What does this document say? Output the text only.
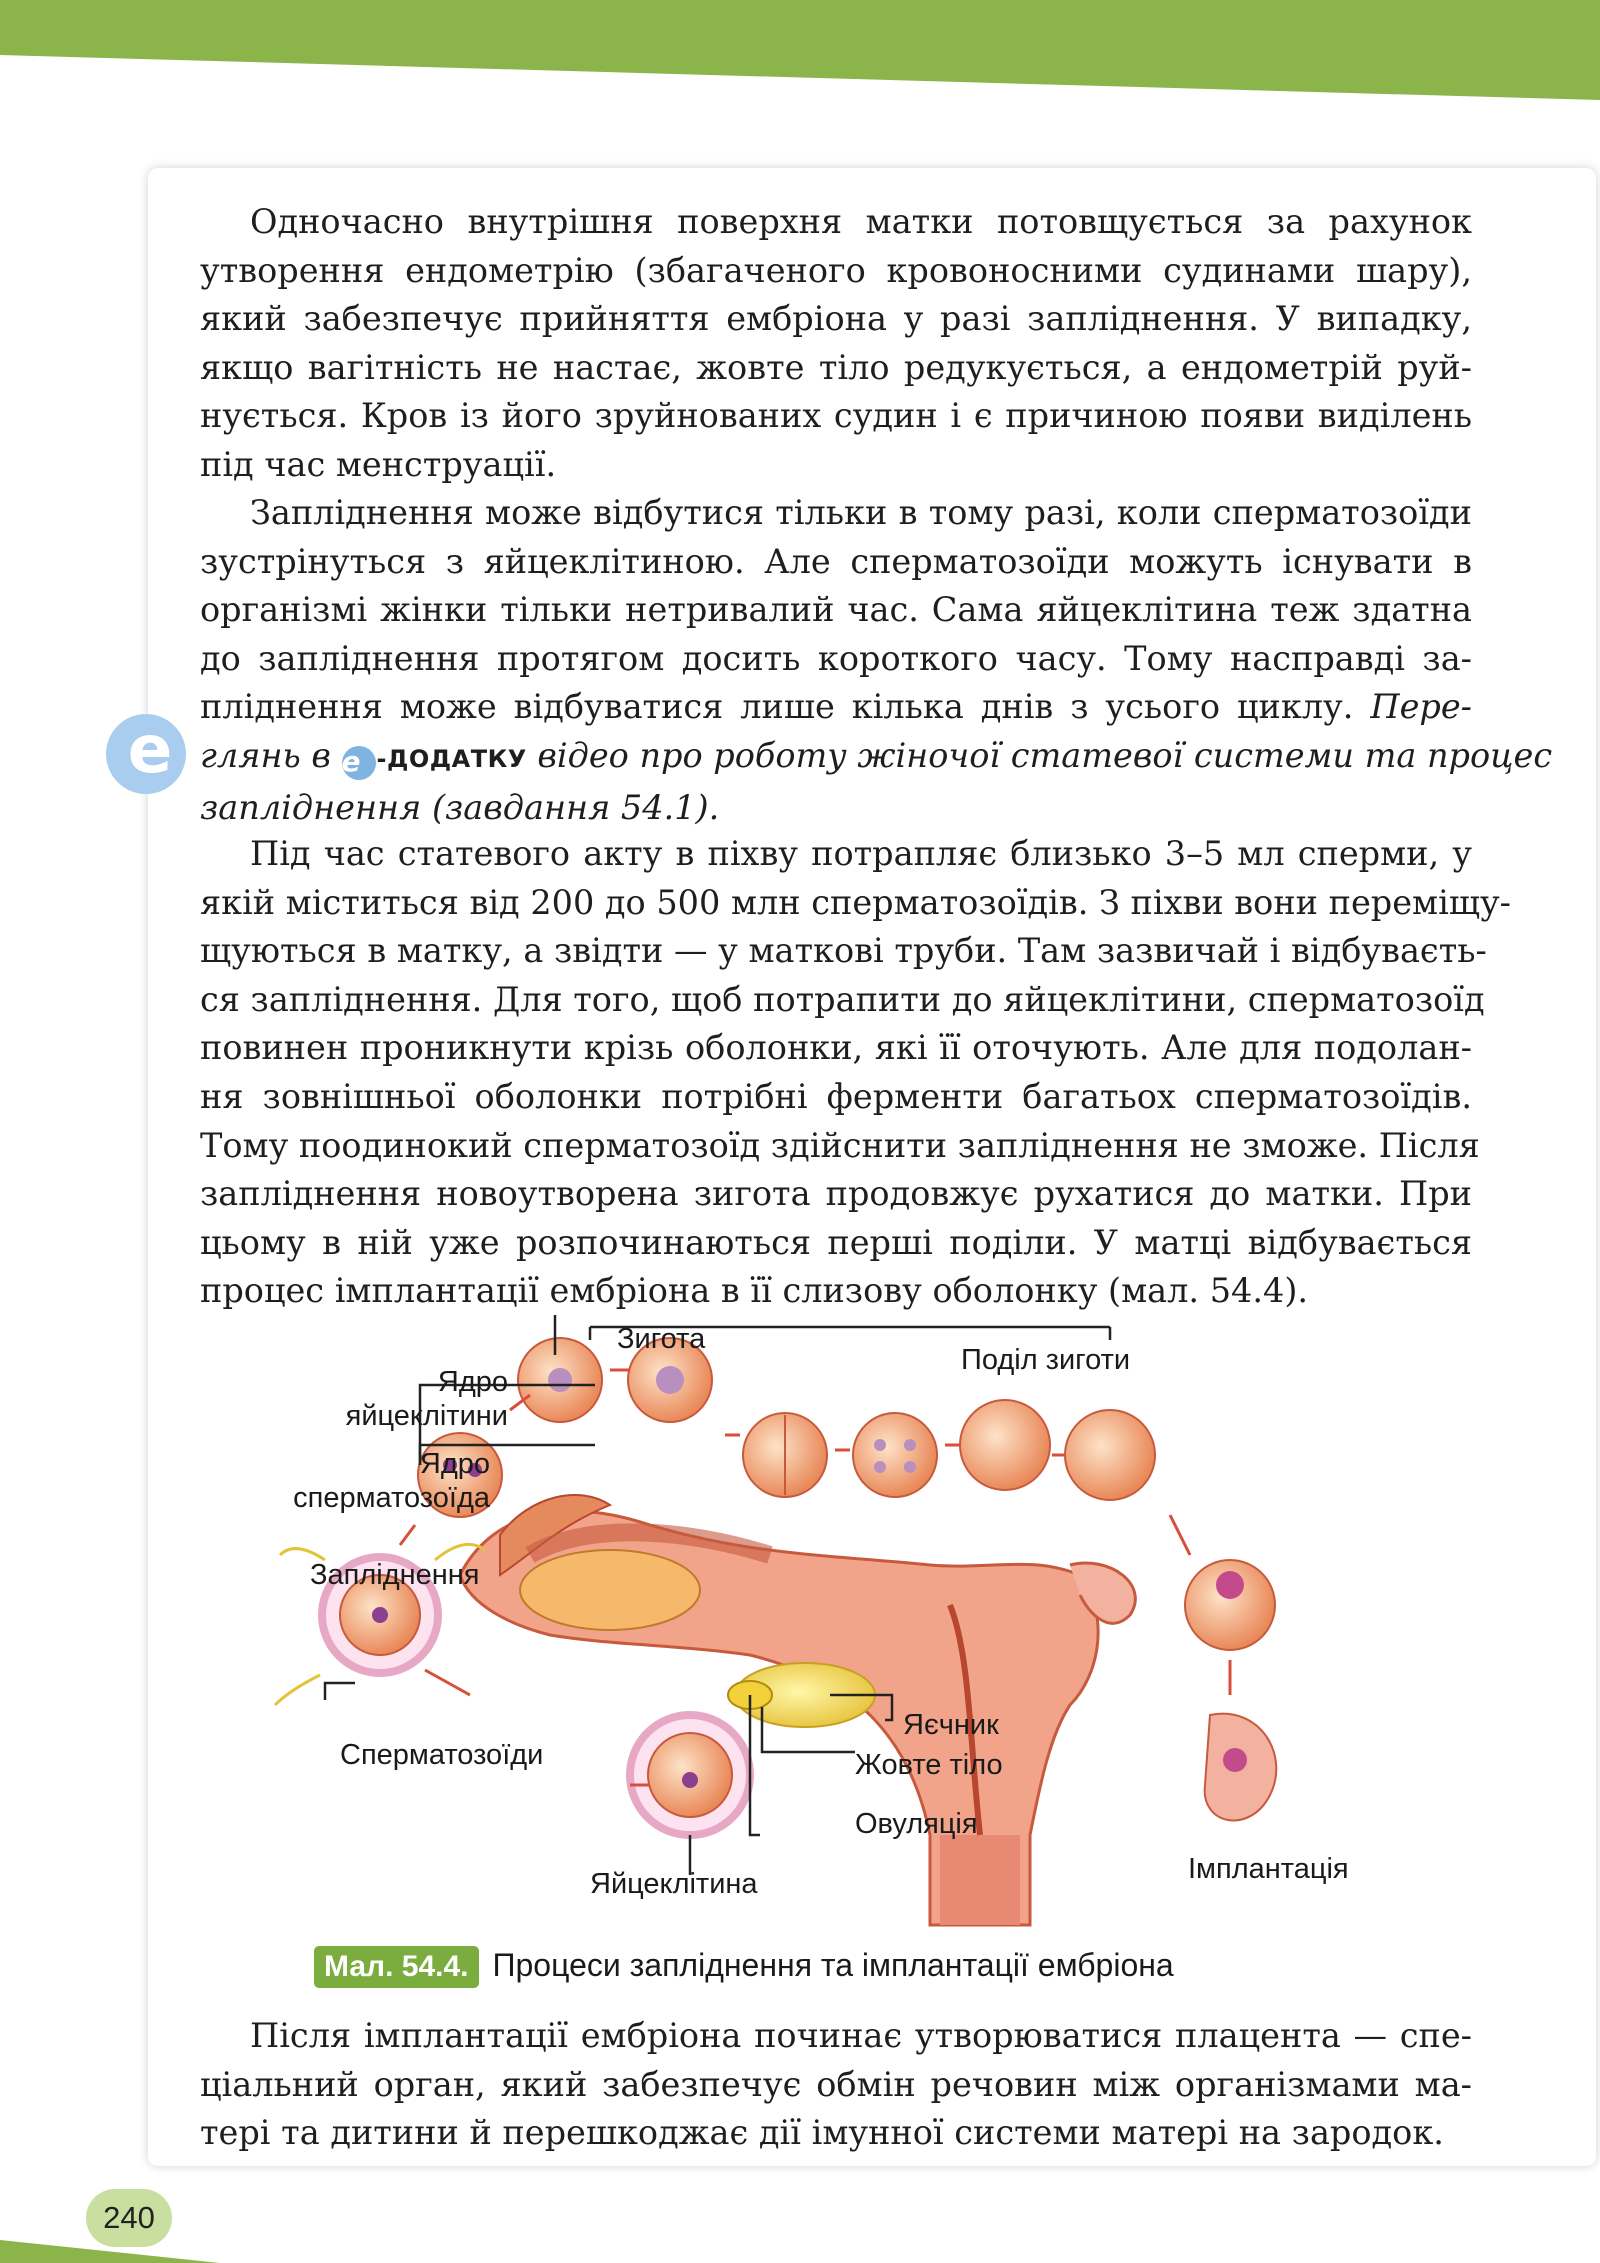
e
Одночасно внутрішня поверхня матки потовщується за рахунок
утворення ендометрію (збагаченого кровоносними судинами шару),
який забезпечує прийняття ембріона у разі запліднення. У випадку,
якщо вагітність не настає, жовте тіло редукується, а ендометрій руй-
нується. Кров із його зруйнованих судин і є причиною появи виділень
під час менструації.
Запліднення може відбутися тільки в тому разі, коли сперматозоїди
зустрінуться з яйцеклітиною. Але сперматозоїди можуть існувати в
організмі жінки тільки нетривалий час. Сама яйцеклітина теж здатна
до запліднення протягом досить короткого часу. Тому насправді за-
пліднення може відбуватися лише кілька днів з усього циклу. Пере-
глянь в e -ДОДАТКУ відео про роботу жіночої статевої системи та процес
запліднення (завдання 54.1).
Під час статевого акту в піхву потрапляє близько 3–5 мл сперми, у
якій міститься від 200 до 500 млн сперматозоїдів. З піхви вони переміщу-
щуються в матку, а звідти — у маткові труби. Там зазвичай і відбуваєть-
ся запліднення. Для того, щоб потрапити до яйцеклітини, сперматозоїд
повинен проникнути крізь оболонки, які її оточують. Але для подолан-
ня зовнішньої оболонки потрібні ферменти багатьох сперматозоїдів.
Тому поодинокий сперматозоїд здійснити запліднення не зможе. Після
запліднення новоутворена зигота продовжує рухатися до матки. При
цьому в ній уже розпочинаються перші поділи. У матці відбувається
процес імплантації ембріона в її слизову оболонку (мал. 54.4).
Зигота
Поділ зиготи
Ядро
яйцеклітини
Ядро
сперматозоїда
Запліднення
Сперматозоїди
Яєчник
Жовте тіло
Овуляція
Яйцеклітина	Імплантація
Мал. 54.4. Процеси запліднення та імплантації ембріона
Після імплантації ембріона починає утворюватися плацента — спе-
ціальний орган, який забезпечує обмін речовин між організмами ма-
тері та дитини й перешкоджає дії імунної системи матері на зародок.
240
